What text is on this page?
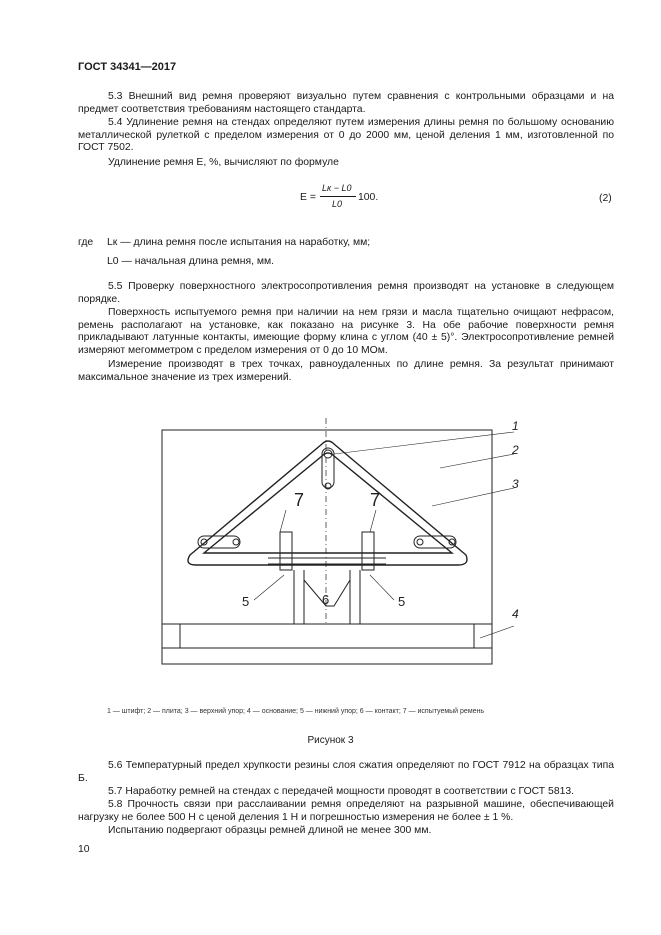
ГОСТ 34341—2017

5.3 Внешний вид ремня проверяют визуально путем сравнения с контрольными образцами и на предмет соответствия требованиям настоящего стандарта.

5.4 Удлинение ремня на стендах определяют путем измерения длины ремня по большому основанию металлической рулеткой с пределом измерения от 0 до 2000 мм, ценой деления 1 мм, изготовленной по ГОСТ 7502.

Удлинение ремня E, %, вычисляют по формуле

E =
Lк − L0
L0
100.	(2)
где Lк — длина ремня после испытания на наработку, мм;
L0 — начальная длина ремня, мм.

5.5 Проверку поверхностного электросопротивления ремня производят на установке в следующем порядке.

Поверхность испытуемого ремня при наличии на нем грязи и масла тщательно очищают нефрасом, ремень располагают на установке, как показано на рисунке 3. На обе рабочие поверхности ремня прикладывают латунные контакты, имеющие форму клина с углом (40 ± 5)°. Электросопротивление ремней измеряют мегомметром с пределом измерения от 0 до 10 МОм.

Измерение производят в трех точках, равноудаленных по длине ремня. За результат принимают максимальное значение из трех измерений.

1
2
3
4
5	5
6
7	7
1 — штифт; 2 — плита; 3 — верхний упор; 4 — основание; 5 — нижний упор; 6 — контакт; 7 — испытуемый ремень
Рисунок 3

5.6 Температурный предел хрупкости резины слоя сжатия определяют по ГОСТ 7912 на образцах типа Б.

5.7 Наработку ремней на стендах с передачей мощности проводят в соответствии с ГОСТ 5813.

5.8 Прочность связи при расслаивании ремня определяют на разрывной машине, обеспечивающей нагрузку не более 500 Н с ценой деления 1 Н и погрешностью измерения не более ± 1 %.

Испытанию подвергают образцы ремней длиной не менее 300 мм.

10
